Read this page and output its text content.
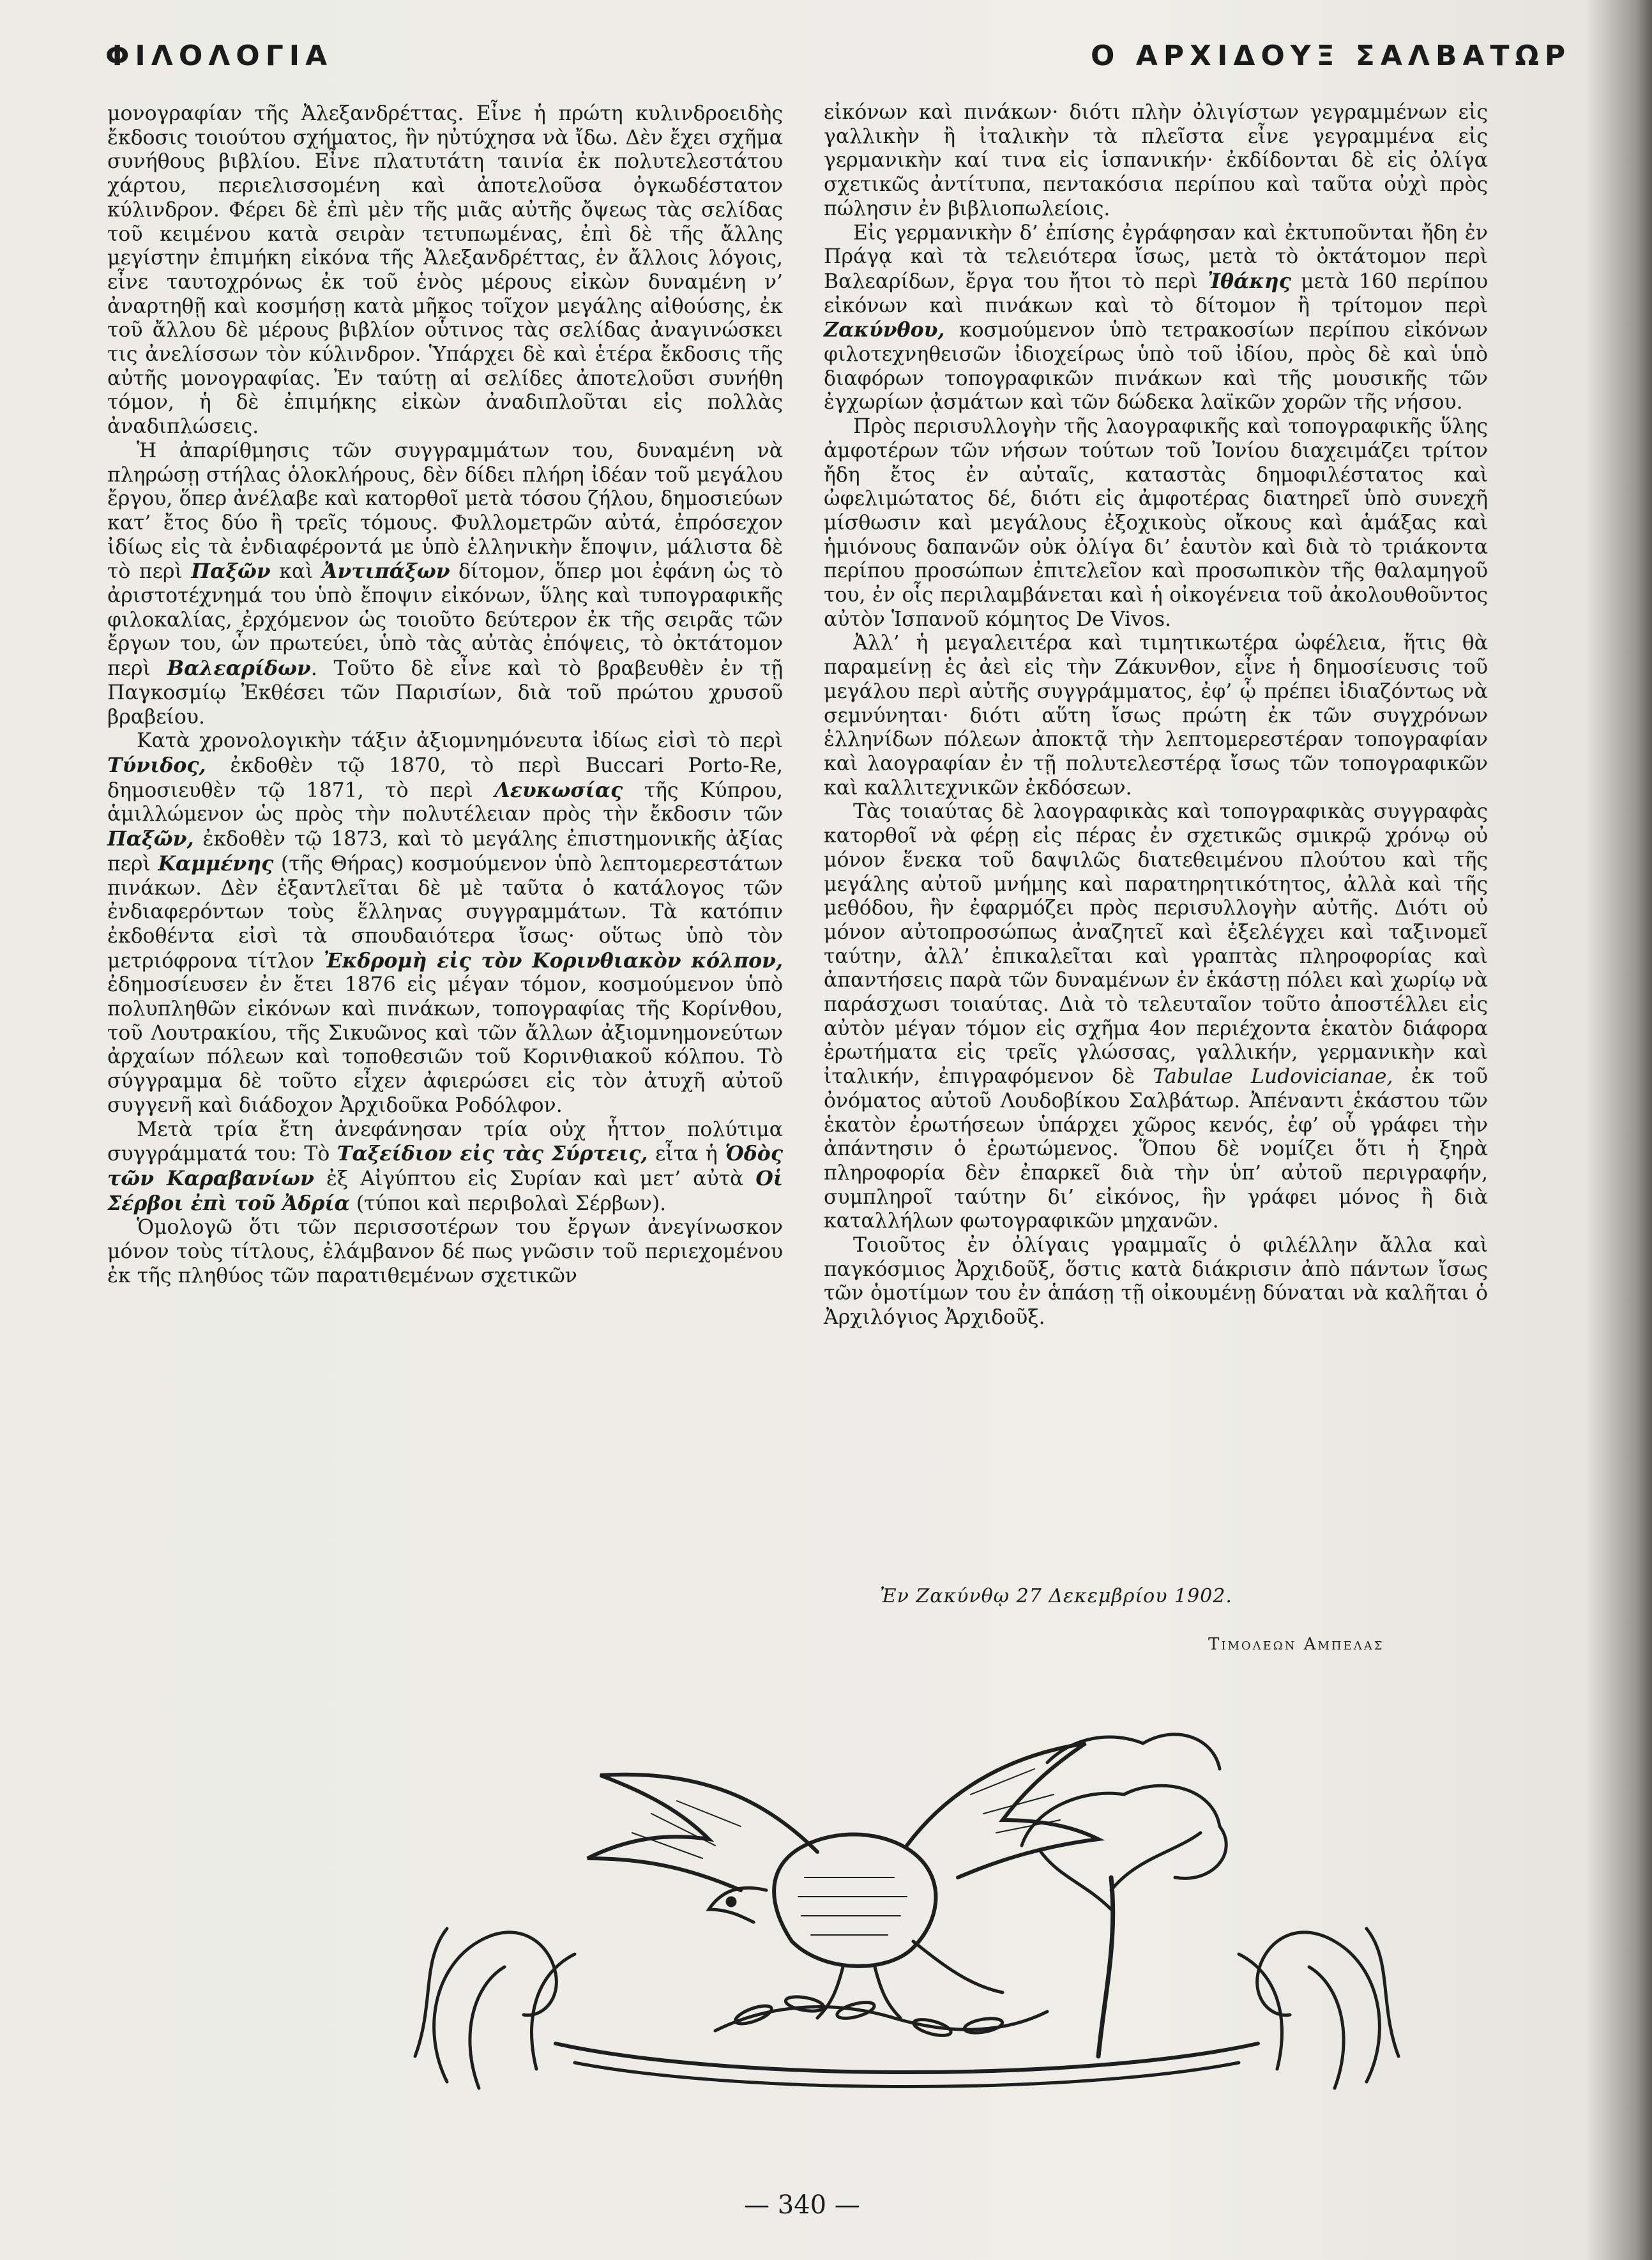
ΦΙΛΟΛΟΓΙΑ	Ο ΑΡΧΙΔΟΥΞ ΣΑΛΒΑΤΩΡ

μονογραφίαν τῆς Ἀλεξανδρέττας. Εἶνε ἡ πρώτη κυλινδροειδὴς ἔκδοσις τοιούτου σχήματος, ἣν ηὐτύχησα νὰ ἴδω. Δὲν ἔχει σχῆμα συνήθους βιβλίου. Εἶνε πλατυτάτη ταινία ἐκ πολυτελεστάτου χάρτου, περιελισσομένη καὶ ἀποτελοῦσα ὀγκωδέστατον κύλινδρον. Φέρει δὲ ἐπὶ μὲν τῆς μιᾶς αὐτῆς ὄψεως τὰς σελίδας τοῦ κειμένου κατὰ σειρὰν τετυπωμένας, ἐπὶ δὲ τῆς ἄλλης μεγίστην ἐπιμήκη εἰκόνα τῆς Ἀλεξανδρέττας, ἐν ἄλλοις λόγοις, εἶνε ταυτοχρόνως ἐκ τοῦ ἑνὸς μέρους εἰκὼν δυναμένη ν’ ἀναρτηθῇ καὶ κοσμήσῃ κατὰ μῆκος τοῖχον μεγάλης αἰθούσης, ἐκ τοῦ ἄλλου δὲ μέρους βιβλίον οὗτινος τὰς σελίδας ἀναγινώσκει τις ἀνελίσσων τὸν κύλινδρον. Ὑπάρχει δὲ καὶ ἑτέρα ἔκδοσις τῆς αὐτῆς μονογραφίας. Ἐν ταύτῃ αἱ σελίδες ἀποτελοῦσι συνήθη τόμον, ἡ δὲ ἐπιμήκης εἰκὼν ἀναδιπλοῦται εἰς πολλὰς ἀναδιπλώσεις.

Ἡ ἀπαρίθμησις τῶν συγγραμμάτων του, δυναμένη νὰ πληρώσῃ στήλας ὁλοκλήρους, δὲν δίδει πλήρη ἰδέαν τοῦ μεγάλου ἔργου, ὅπερ ἀνέλαβε καὶ κατορθοῖ μετὰ τόσου ζήλου, δημοσιεύων κατ’ ἔτος δύο ἢ τρεῖς τόμους. Φυλλομετρῶν αὐτά, ἐπρόσεχον ἰδίως εἰς τὰ ἐνδιαφέροντά με ὑπὸ ἑλληνικὴν ἔποψιν, μάλιστα δὲ τὸ περὶ Παξῶν καὶ Ἀντιπάξων δίτομον, ὅπερ μοι ἐφάνη ὡς τὸ ἀριστοτέχνημά του ὑπὸ ἔποψιν εἰκόνων, ὕλης καὶ τυπογραφικῆς φιλοκαλίας, ἐρχόμενον ὡς τοιοῦτο δεύτερον ἐκ τῆς σειρᾶς τῶν ἔργων του, ὧν πρωτεύει, ὑπὸ τὰς αὐτὰς ἐπόψεις, τὸ ὀκτάτομον περὶ Βαλεαρίδων. Τοῦτο δὲ εἶνε καὶ τὸ βραβευθὲν ἐν τῇ Παγκοσμίῳ Ἐκθέσει τῶν Παρισίων, διὰ τοῦ πρώτου χρυσοῦ βραβείου.

Κατὰ χρονολογικὴν τάξιν ἀξιομνημόνευτα ἰδίως εἰσὶ τὸ περὶ Τύνιδος, ἐκδοθὲν τῷ 1870, τὸ περὶ Buccari Porto-Re, δημοσιευθὲν τῷ 1871, τὸ περὶ Λευκωσίας τῆς Κύπρου, ἁμιλλώμενον ὡς πρὸς τὴν πολυτέλειαν πρὸς τὴν ἔκδοσιν τῶν Παξῶν, ἐκδοθὲν τῷ 1873, καὶ τὸ μεγάλης ἐπιστημονικῆς ἀξίας περὶ Καμμένης (τῆς Θήρας) κοσμούμενον ὑπὸ λεπτομερεστάτων πινάκων. Δὲν ἐξαντλεῖται δὲ μὲ ταῦτα ὁ κατάλογος τῶν ἐνδιαφερόντων τοὺς ἕλληνας συγγραμμάτων. Τὰ κατόπιν ἐκδοθέντα εἰσὶ τὰ σπουδαιότερα ἴσως· οὕτως ὑπὸ τὸν μετριόφρονα τίτλον Ἐκδρομὴ εἰς τὸν Κορινθιακὸν κόλπον, ἐδημοσίευσεν ἐν ἔτει 1876 εἰς μέγαν τόμον, κοσμούμενον ὑπὸ πολυπληθῶν εἰκόνων καὶ πινάκων, τοπογραφίας τῆς Κορίνθου, τοῦ Λουτρακίου, τῆς Σικυῶνος καὶ τῶν ἄλλων ἀξιομνημονεύτων ἀρχαίων πόλεων καὶ τοποθεσιῶν τοῦ Κορινθιακοῦ κόλπου. Τὸ σύγγραμμα δὲ τοῦτο εἶχεν ἀφιερώσει εἰς τὸν ἀτυχῆ αὐτοῦ συγγενῆ καὶ διάδοχον Ἀρχιδοῦκα Ροδόλφον.

Μετὰ τρία ἔτη ἀνεφάνησαν τρία οὐχ ἧττον πολύτιμα συγγράμματά του: Τὸ Ταξείδιον εἰς τὰς Σύρτεις, εἶτα ἡ Ὁδὸς τῶν Καραβανίων ἐξ Αἰγύπτου εἰς Συρίαν καὶ μετ’ αὐτὰ Οἱ Σέρβοι ἐπὶ τοῦ Ἀδρία (τύποι καὶ περιβολαὶ Σέρβων).

Ὁμολογῶ ὅτι τῶν περισσοτέρων του ἔργων ἀνεγίνωσκον μόνον τοὺς τίτλους, ἐλάμβανον δέ πως γνῶσιν τοῦ περιεχομένου ἐκ τῆς πληθύος τῶν παρατιθεμένων σχετικῶν

εἰκόνων καὶ πινάκων· διότι πλὴν ὀλιγίστων γεγραμμένων εἰς γαλλικὴν ἢ ἰταλικὴν τὰ πλεῖστα εἶνε γεγραμμένα εἰς γερμανικὴν καί τινα εἰς ἱσπανικήν· ἐκδίδονται δὲ εἰς ὀλίγα σχετικῶς ἀντίτυπα, πεντακόσια περίπου καὶ ταῦτα οὐχὶ πρὸς πώλησιν ἐν βιβλιοπωλείοις.

Εἰς γερμανικὴν δ’ ἐπίσης ἐγράφησαν καὶ ἐκτυποῦνται ἤδη ἐν Πράγᾳ καὶ τὰ τελειότερα ἴσως, μετὰ τὸ ὀκτάτομον περὶ Βαλεαρίδων, ἔργα του ἤτοι τὸ περὶ Ἰθάκης μετὰ 160 περίπου εἰκόνων καὶ πινάκων καὶ τὸ δίτομον ἢ τρίτομον περὶ Ζακύνθου, κοσμούμενον ὑπὸ τετρακοσίων περίπου εἰκόνων φιλοτεχνηθεισῶν ἰδιοχείρως ὑπὸ τοῦ ἰδίου, πρὸς δὲ καὶ ὑπὸ διαφόρων τοπογραφικῶν πινάκων καὶ τῆς μουσικῆς τῶν ἐγχωρίων ᾀσμάτων καὶ τῶν δώδεκα λαϊκῶν χορῶν τῆς νήσου.

Πρὸς περισυλλογὴν τῆς λαογραφικῆς καὶ τοπογραφικῆς ὕλης ἀμφοτέρων τῶν νήσων τούτων τοῦ Ἰονίου διαχειμάζει τρίτον ἤδη ἔτος ἐν αὐταῖς, καταστὰς δημοφιλέστατος καὶ ὠφελιμώτατος δέ, διότι εἰς ἀμφοτέρας διατηρεῖ ὑπὸ συνεχῆ μίσθωσιν καὶ μεγάλους ἐξοχικοὺς οἴκους καὶ ἁμάξας καὶ ἡμιόνους δαπανῶν οὐκ ὀλίγα δι’ ἑαυτὸν καὶ διὰ τὸ τριάκοντα περίπου προσώπων ἐπιτελεῖον καὶ προσωπικὸν τῆς θαλαμηγοῦ του, ἐν οἷς περιλαμβάνεται καὶ ἡ οἰκογένεια τοῦ ἀκολουθοῦντος αὐτὸν Ἱσπανοῦ κόμητος De Vivos.

Ἀλλ’ ἡ μεγαλειτέρα καὶ τιμητικωτέρα ὠφέλεια, ἥτις θὰ παραμείνῃ ἐς ἀεὶ εἰς τὴν Ζάκυνθον, εἶνε ἡ δημοσίευσις τοῦ μεγάλου περὶ αὐτῆς συγγράμματος, ἐφ’ ᾧ πρέπει ἰδιαζόντως νὰ σεμνύνηται· διότι αὕτη ἴσως πρώτη ἐκ τῶν συγχρόνων ἑλληνίδων πόλεων ἀποκτᾷ τὴν λεπτομερεστέραν τοπογραφίαν καὶ λαογραφίαν ἐν τῇ πολυτελεστέρᾳ ἴσως τῶν τοπογραφικῶν καὶ καλλιτεχνικῶν ἐκδόσεων.

Τὰς τοιαύτας δὲ λαογραφικὰς καὶ τοπογραφικὰς συγγραφὰς κατορθοῖ νὰ φέρῃ εἰς πέρας ἐν σχετικῶς σμικρῷ χρόνῳ οὐ μόνον ἕνεκα τοῦ δαψιλῶς διατεθειμένου πλούτου καὶ τῆς μεγάλης αὐτοῦ μνήμης καὶ παρατηρητικότητος, ἀλλὰ καὶ τῆς μεθόδου, ἣν ἐφαρμόζει πρὸς περισυλλογὴν αὐτῆς. Διότι οὐ μόνον αὐτοπροσώπως ἀναζητεῖ καὶ ἐξελέγχει καὶ ταξινομεῖ ταύτην, ἀλλ’ ἐπικαλεῖται καὶ γραπτὰς πληροφορίας καὶ ἀπαντήσεις παρὰ τῶν δυναμένων ἐν ἑκάστῃ πόλει καὶ χωρίῳ νὰ παράσχωσι τοιαύτας. Διὰ τὸ τελευταῖον τοῦτο ἀποστέλλει εἰς αὐτὸν μέγαν τόμον εἰς σχῆμα 4ον περιέχοντα ἑκατὸν διάφορα ἐρωτήματα εἰς τρεῖς γλώσσας, γαλλικήν, γερμανικὴν καὶ ἰταλικήν, ἐπιγραφόμενον δὲ Tabulae Ludovicianae, ἐκ τοῦ ὀνόματος αὐτοῦ Λουδοβίκου Σαλβάτωρ. Ἀπέναντι ἑκάστου τῶν ἑκατὸν ἐρωτήσεων ὑπάρχει χῶρος κενός, ἐφ’ οὗ γράφει τὴν ἀπάντησιν ὁ ἐρωτώμενος. Ὅπου δὲ νομίζει ὅτι ἡ ξηρὰ πληροφορία δὲν ἐπαρκεῖ διὰ τὴν ὑπ’ αὐτοῦ περιγραφήν, συμπληροῖ ταύτην δι’ εἰκόνος, ἣν γράφει μόνος ἢ διὰ καταλλήλων φωτογραφικῶν μηχανῶν.

Τοιοῦτος ἐν ὀλίγαις γραμμαῖς ὁ φιλέλλην ἄλλα καὶ παγκόσμιος Ἀρχιδοῦξ, ὅστις κατὰ διάκρισιν ἀπὸ πάντων ἴσως τῶν ὁμοτίμων του ἐν ἁπάσῃ τῇ οἰκουμένῃ δύναται νὰ καλῆται ὁ Ἀρχιλόγιος Ἀρχιδοῦξ.

Ἐν Ζακύνθῳ 27 Δεκεμβρίου 1902.
Τιμολεων Αμπελας
— 340 —
